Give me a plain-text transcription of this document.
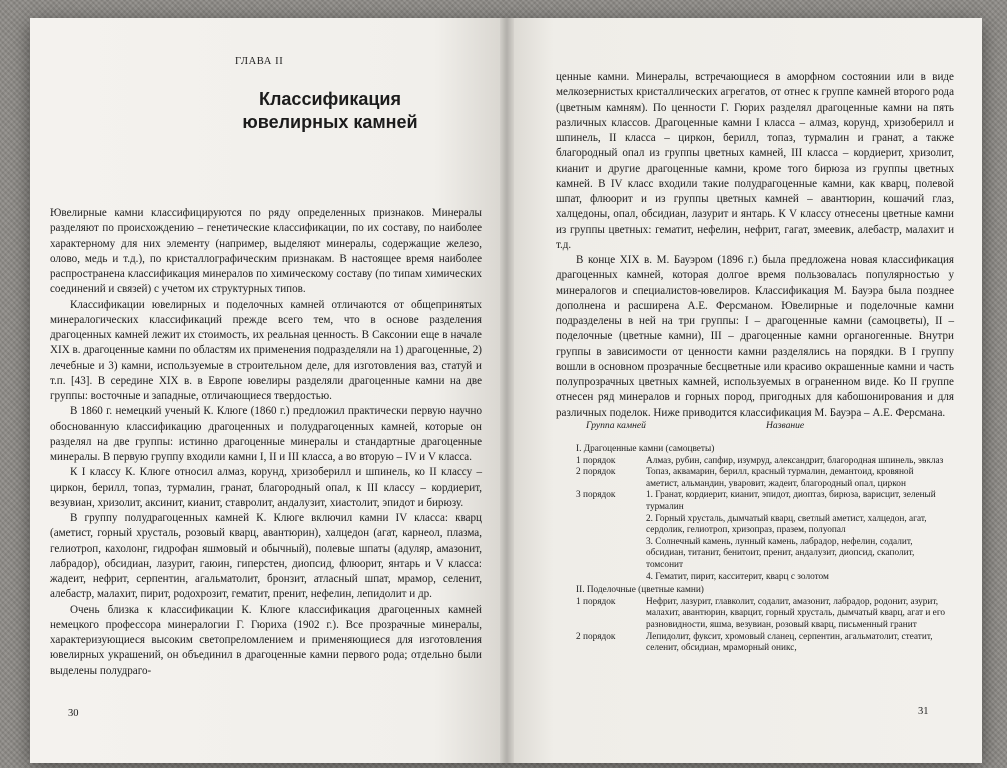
ГЛАВА II
Классификация
ювелирных камней

Ювелирные камни классифицируются по ряду определенных признаков. Минералы разделяют по происхождению – генетические классификации, по их составу, по наиболее характерному для них элементу (например, выделяют минералы, содержащие железо, олово, медь и т.д.), по кристаллографическим признакам. В настоящее время наиболее распространена классификация минералов по химическому составу (по типам химических соединений и связей) с учетом их структурных типов.

Классификации ювелирных и поделочных камней отличаются от общепринятых минералогических классификаций прежде всего тем, что в основе разделения драгоценных камней лежит их стоимость, их реальная ценность. В Саксонии еще в начале XIX в. драгоценные камни по областям их применения подразделяли на 1) драгоценные, 2) лечебные и 3) камни, используемые в строительном деле, для изготовления ваз, статуй и т.п. [43]. В середине XIX в. в Европе ювелиры разделяли драгоценные камни на две группы: восточные и западные, отличающиеся твердостью.

В 1860 г. немецкий ученый К. Клюге (1860 г.) предложил практически первую научно обоснованную классификацию драгоценных и полудрагоценных камней, которые он разделял на две группы: истинно драгоценные минералы и стандартные драгоценные минералы. В первую группу входили камни I, II и III класса, а во вторую – IV и V класса.

К I классу К. Клюге относил алмаз, корунд, хризоберилл и шпинель, ко II классу – циркон, берилл, топаз, турмалин, гранат, благородный опал, к III классу – кордиерит, везувиан, хризолит, аксинит, кианит, ставролит, андалузит, хиастолит, эпидот и бирюзу.

В группу полудрагоценных камней К. Клюге включил камни IV класса: кварц (аметист, горный хрусталь, розовый кварц, авантюрин), халцедон (агат, карнеол, плазма, гелиотроп, кахолонг, гидрофан яшмовый и обычный), полевые шпаты (адуляр, амазонит, лабрадор), обсидиан, лазурит, гаюин, гиперстен, диопсид, флюорит, янтарь и V класса: жадеит, нефрит, серпентин, агальматолит, бронзит, атласный шпат, мрамор, селенит, алебастр, малахит, пирит, родохрозит, гематит, пренит, нефелин, лепидолит и др.

Очень близка к классификации К. Клюге классификация драгоценных камней немецкого профессора минералогии Г. Гюриха (1902 г.). Все прозрачные минералы, характеризующиеся высоким светопреломлением и применяющиеся для изготовления ювелирных украшений, он объединил в драгоценные камни первого рода; отдельно были выделены полудраго-

30

ценные камни. Минералы, встречающиеся в аморфном состоянии или в виде мелкозернистых кристаллических агрегатов, от отнес к группе камней второго рода (цветным камням). По ценности Г. Гюрих разделял драгоценные камни на пять различных классов. Драгоценные камни I класса – алмаз, корунд, хризоберилл и шпинель, II класса – циркон, берилл, топаз, турмалин и гранат, а также благородный опал из группы цветных камней, III класса – кордиерит, хризолит, кианит и другие драгоценные камни, кроме того бирюза из группы цветных камней. В IV класс входили такие полудрагоценные камни, как кварц, полевой шпат, флюорит и из группы цветных камней – авантюрин, кошачий глаз, халцедоны, опал, обсидиан, лазурит и янтарь. К V классу отнесены цветные камни из группы цветных: гематит, нефелин, нефрит, гагат, змеевик, алебастр, малахит и т.д.

В конце XIX в. М. Бауэром (1896 г.) была предложена новая классификация драгоценных камней, которая долгое время пользовалась популярностью у минералогов и специалистов-ювелиров. Классификация М. Бауэра была позднее дополнена и расширена А.Е. Ферсманом. Ювелирные и поделочные камни подразделены в ней на три группы: I – драгоценные камни (самоцветы), II – поделочные (цветные камни), III – драгоценные камни органогенные. Внутри группы в зависимости от ценности камни разделялись на порядки. В I группу вошли в основном прозрачные бесцветные или красиво окрашенные камни и часть полупрозрачных цветных камней, используемых в ограненном виде. Ко II группе отнесен ряд минералов и горных пород, пригодных для кабошонирования и для различных поделок. Ниже приводится классификация М. Бауэра – А.Е. Ферсмана.

Группа камней	Название
I. Драгоценные камни (самоцветы)
1 порядок	Алмаз, рубин, сапфир, изумруд, александрит, благородная шпинель, эвклаз
2 порядок	Топаз, аквамарин, берилл, красный турмалин, демантоид, кровяной аметист, альмандин, уваровит, жадеит, благородный опал, циркон
3 порядок	1. Гранат, кордиерит, кианит, эпидот, диоптаз, бирюза, варисцит, зеленый турмалин
2. Горный хрусталь, дымчатый кварц, светлый аметист, халцедон, агат, сердолик, гелиотроп, хризопраз, празем, полуопал
3. Солнечный камень, лунный камень, лабрадор, нефелин, содалит, обсидиан, титанит, бенитоит, пренит, андалузит, диопсид, скаполит, томсонит
4. Гематит, пирит, касситерит, кварц с золотом
II. Поделочные (цветные камни)
1 порядок	Нефрит, лазурит, главколит, содалит, амазонит, лабрадор, родонит, азурит, малахит, авантюрин, кварцит, горный хрусталь, дымчатый кварц, агат и его разновидности, яшма, везувиан, розовый кварц, письменный гранит
2 порядок	Лепидолит, фуксит, хромовый сланец, серпентин, агальматолит, стеатит, селенит, обсидиан, мраморный оникс,
31
